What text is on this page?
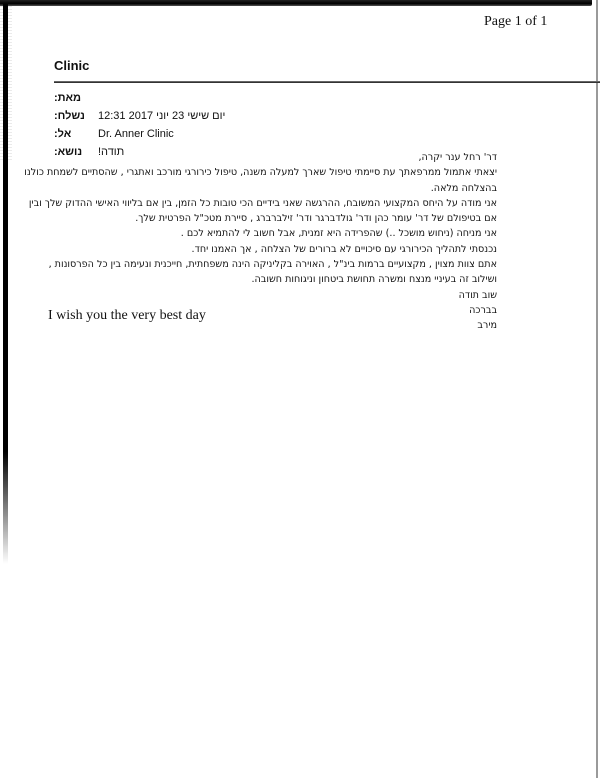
Page 1 of 1
Clinic
מאת:
נשלח:	יום שישי 23 יוני 2017 12:31
אל:	Dr. Anner Clinic
נושא:	תודה!	דר' רחל ענר יקרה,
יצאתי אתמול ממרפאתך עת סיימתי טיפול שארך למעלה משנה, טיפול כירורגי מורכב ואתגרי , שהסתיים לשמחת כולנו
בהצלחה מלאה.
אני מודה על היחס המקצועי המשובח, ההרגשה שאני בידיים הכי טובות כל הזמן, בין אם בליווי האישי ההדוק שלך ובין
אם בטיפולם של דר' עומר כהן ודר' גולדברגר ודר' זילברברג , סיירת מטכ"ל הפרטית שלך.
אני מניחה (ניחוש מושכל ..) שהפרידה היא זמנית, אבל חשוב לי להתמיא לכם .
נכנסתי לתהליך הכירורגי עם סיכויים לא ברורים של הצלחה , אך האמנו יחד.
אתם צוות מצוין , מקצועיים ברמות בינ"ל , האוירה בקליניקה הינה משפחתית, חייכנית ונעימה בין כל הפרסונות ,
ושילוב זה בעיניי מנצח ומשרה תחושת ביטחון וניגוחות חשובה.
שוב תודה
בברכה
מירב
I wish you the very best day
